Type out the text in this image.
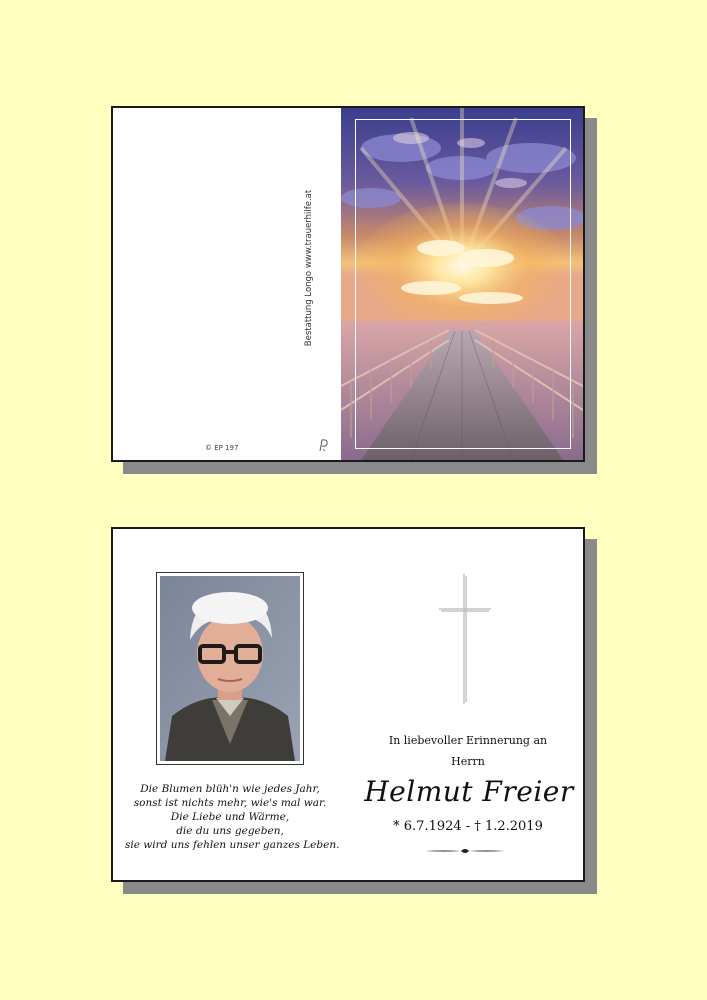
Bestattung Longo www.trauerhilfe.at
© EP 197
Die Blumen blüh'n wie jedes Jahr,
sonst ist nichts mehr, wie's mal war.
Die Liebe und Wärme,
die du uns gegeben,
sie wird uns fehlen unser ganzes Leben.
In liebevoller Erinnerung an
Herrn
Helmut Freier
* 6.7.1924 - † 1.2.2019
